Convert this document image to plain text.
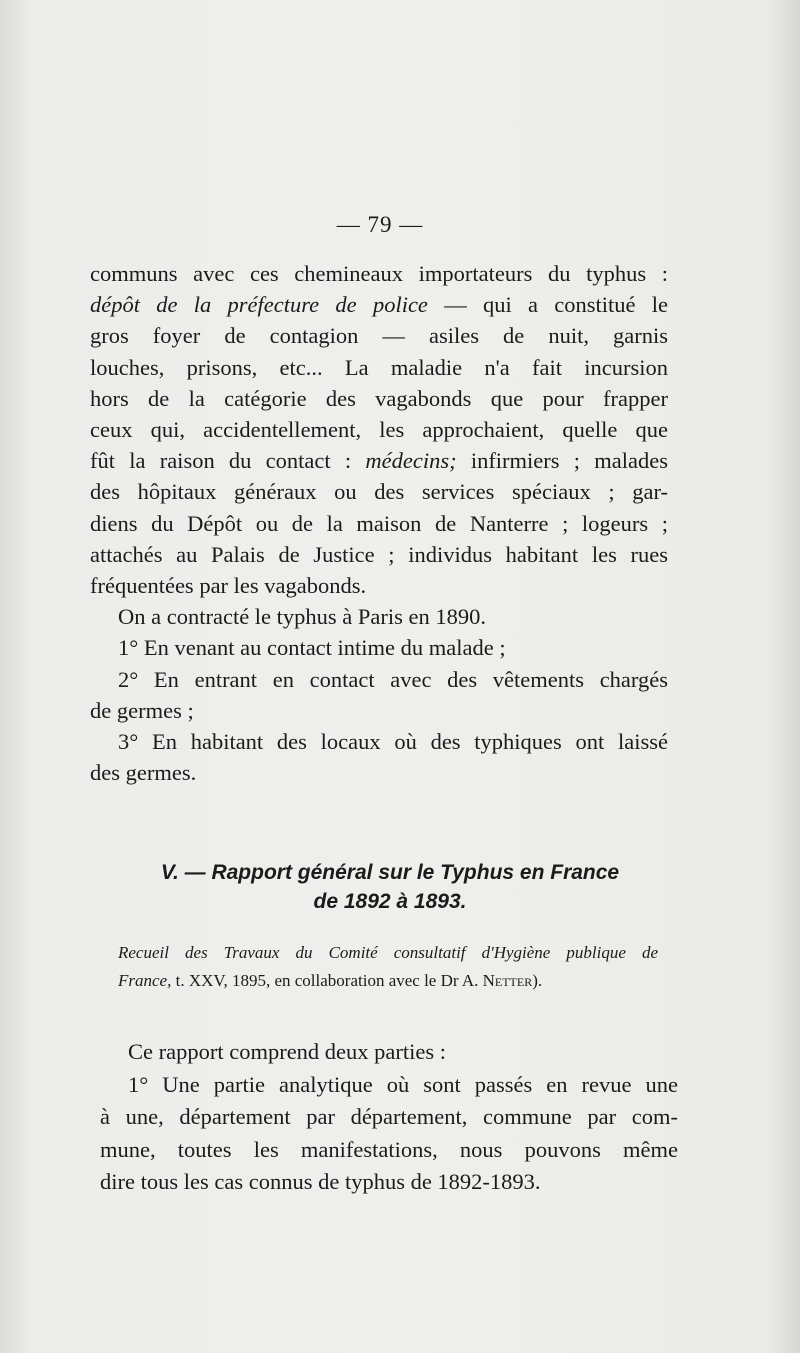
— 79 —
communs avec ces chemineaux importateurs du typhus :
dépôt de la préfecture de police — qui a constitué le
gros foyer de contagion — asiles de nuit, garnis
louches, prisons, etc... La maladie n'a fait incursion
hors de la catégorie des vagabonds que pour frapper
ceux qui, accidentellement, les approchaient, quelle que
fût la raison du contact : médecins; infirmiers ; malades
des hôpitaux généraux ou des services spéciaux ; gar-
diens du Dépôt ou de la maison de Nanterre ; logeurs ;
attachés au Palais de Justice ; individus habitant les rues
fréquentées par les vagabonds.
On a contracté le typhus à Paris en 1890.
1° En venant au contact intime du malade ;
2° En entrant en contact avec des vêtements chargés
de germes ;
3° En habitant des locaux où des typhiques ont laissé
des germes.
V. — Rapport général sur le Typhus en France
de 1892 à 1893.
Recueil des Travaux du Comité consultatif d'Hygiène publique de
France, t. XXV, 1895, en collaboration avec le Dr A. Netter).
Ce rapport comprend deux parties :
1° Une partie analytique où sont passés en revue une
à une, département par département, commune par com-
mune, toutes les manifestations, nous pouvons même
dire tous les cas connus de typhus de 1892-1893.
